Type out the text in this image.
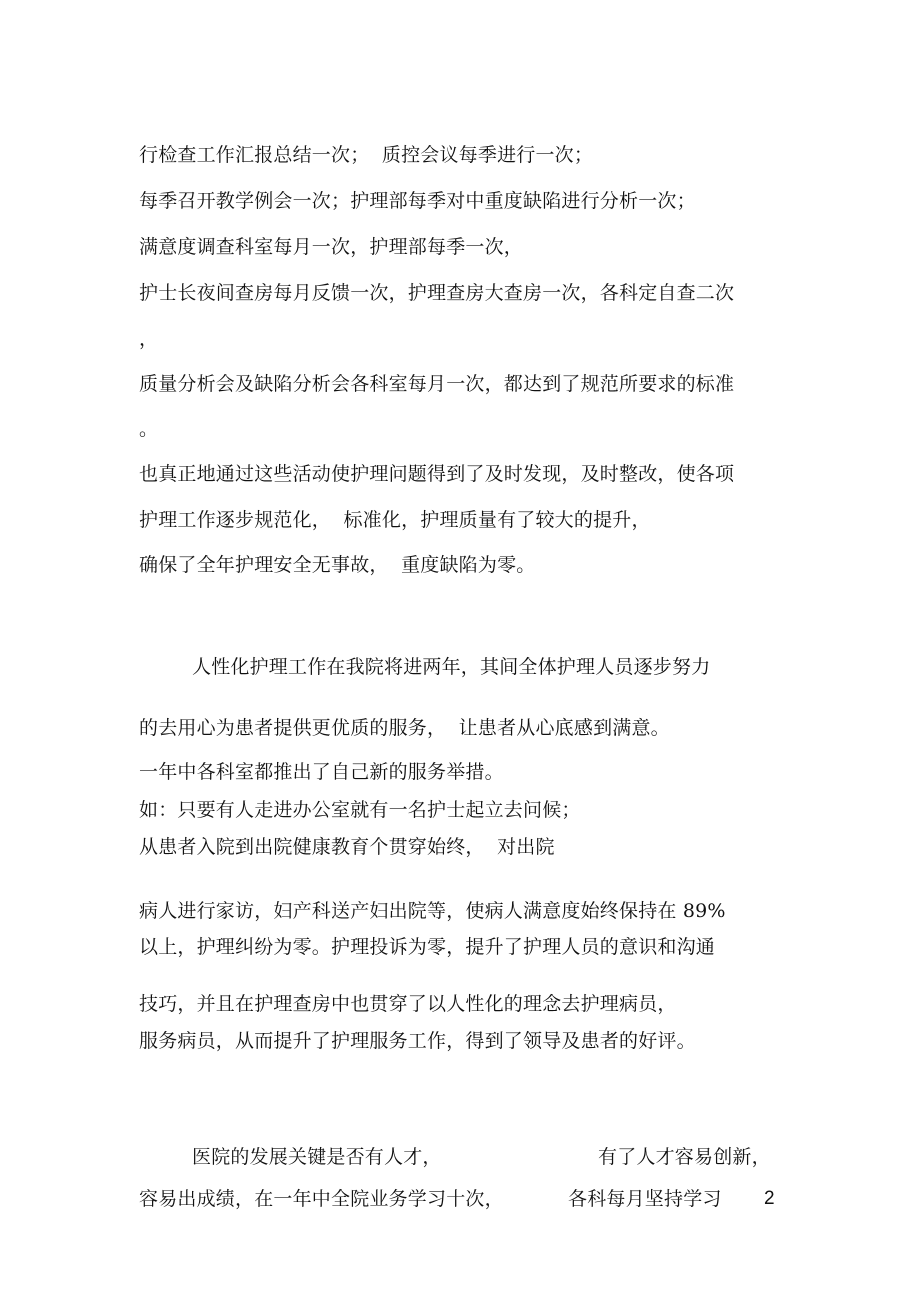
行检查工作汇报总结一次；  质控会议每季进行一次；
每季召开教学例会一次；护理部每季对中重度缺陷进行分析一次；
满意度调查科室每月一次，护理部每季一次，
护士长夜间查房每月反馈一次，护理查房大查房一次，各科定自查二次
，
质量分析会及缺陷分析会各科室每月一次，都达到了规范所要求的标准
。
也真正地通过这些活动使护理问题得到了及时发现，及时整改，使各项
护理工作逐步规范化，  标准化，护理质量有了较大的提升，
确保了全年护理安全无事故，  重度缺陷为零。
人性化护理工作在我院将进两年，其间全体护理人员逐步努力
的去用心为患者提供更优质的服务，  让患者从心底感到满意。
一年中各科室都推出了自己新的服务举措。
如：只要有人走进办公室就有一名护士起立去问候；
从患者入院到出院健康教育个贯穿始终，  对出院
病人进行家访，妇产科送产妇出院等，使病人满意度始终保持在 89%
以上，护理纠纷为零。护理投诉为零，提升了护理人员的意识和沟通
技巧，并且在护理查房中也贯穿了以人性化的理念去护理病员，
服务病员，从而提升了护理服务工作，得到了领导及患者的好评。
医院的发展关键是否有人才，	有了人才容易创新，
容易出成绩，在一年中全院业务学习十次，	各科每月坚持学习 2
